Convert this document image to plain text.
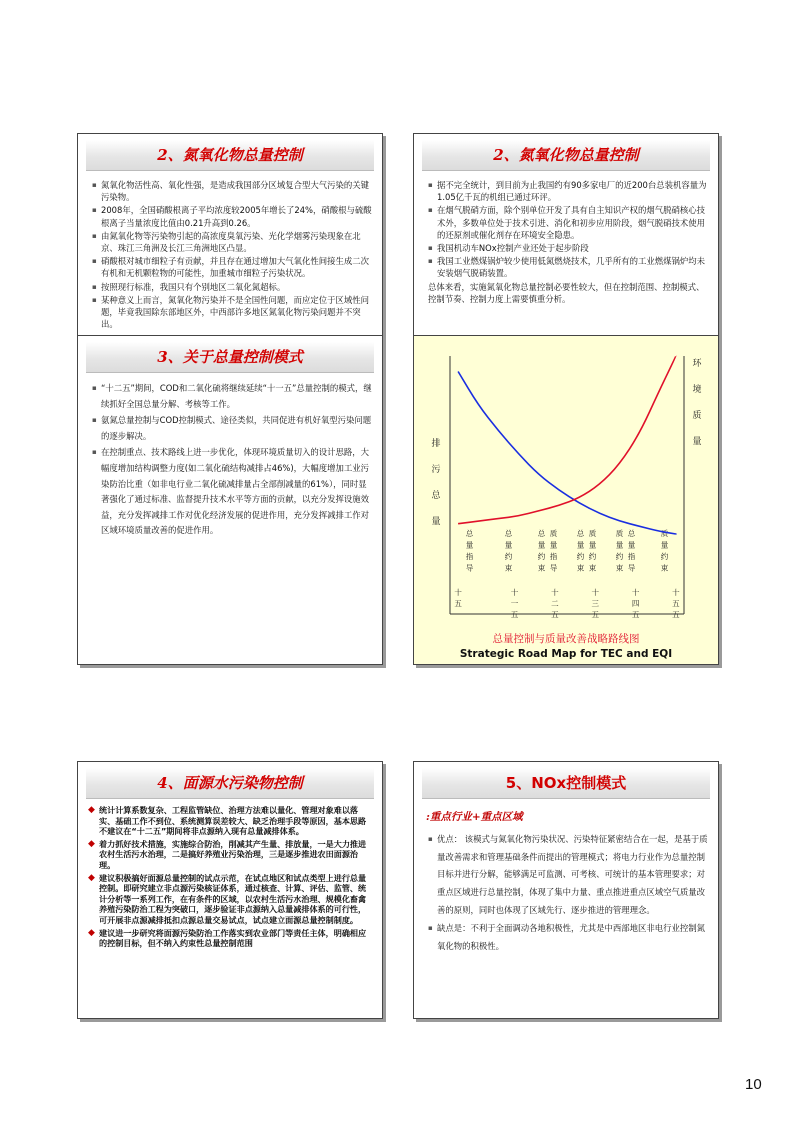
2、氮氧化物总量控制
▪ 氮氧化物活性高、氧化性强，是造成我国部分区域复合型大气污染的关键污染物。
▪ 2008年，全国硝酸根离子平均浓度较2005年增长了24%，硝酸根与硫酸根离子当量浓度比值由0.21升高到0.26。
▪ 由氮氧化物等污染物引起的高浓度臭氧污染、光化学烟雾污染现象在北京、珠江三角洲及长江三角洲地区凸显。
▪ 硝酸根对城市细粒子有贡献，并且存在通过增加大气氧化性间接生成二次有机和无机颗粒物的可能性，加重城市细粒子污染状况。
▪ 按照现行标准，我国只有个别地区二氧化氮超标。
▪ 某种意义上而言，氮氧化物污染并不是全国性问题，而应定位于区域性问题，毕竟我国除东部地区外，中西部许多地区氮氧化物污染问题并不突出。
2、氮氧化物总量控制
▪ 据不完全统计，到目前为止我国约有90多家电厂的近200台总装机容量为1.05亿千瓦的机组已通过环评。
▪ 在烟气脱硝方面，除个别单位开发了具有自主知识产权的烟气脱硝核心技术外，多数单位处于技术引进、消化和初步应用阶段，烟气脱硝技术使用的还原剂或催化剂存在环境安全隐患。
▪ 我国机动车NOx控制产业还处于起步阶段
▪ 我国工业燃煤锅炉较少使用低氮燃烧技术，几乎所有的工业燃煤锅炉均未安装烟气脱硝装置。
总体来看，实施氮氧化物总量控制必要性较大，但在控制范围、控制模式、控制节奏、控制力度上需要慎重分析。
3、关于总量控制模式
▪ “十二五”期间，COD和二氧化硫将继续延续“十一五”总量控制的模式，继续抓好全国总量分解、考核等工作。
▪ 氨氮总量控制与COD控制模式、途径类似，共同促进有机好氧型污染问题的逐步解决。
▪ 在控制重点、技术路线上进一步优化，体现环境质量切入的设计思路，大幅度增加结构调整力度(如二氧化硫结构减排占46%)，大幅度增加工业污染防治比重（如非电行业二氧化硫减排量占全部削减量的61%），同时显著强化了通过标准、监督提升技术水平等方面的贡献，以充分发挥设施效益，充分发挥减排工作对优化经济发展的促进作用，充分发挥减排工作对区域环境质量改善的促进作用。
排
污
总
量
环
境
质
量
总
量
指
导
总
量
约
束
总
量
约
束
质
量
指
导
总
量
约
束
质
量
约
束
质
量
约
束
总
量
指
导
质
量
约
束
十
五
十
一
五
十
二
五
十
三
五
十
四
五
十
五
五
总量控制与质量改善战略路线图
Strategic Road Map for TEC and EQI
4、面源水污染物控制
◆ 统计计算系数复杂、工程监管缺位、治理方法难以量化、管理对象难以落实、基础工作不到位、系统测算误差较大、缺乏治理手段等原因，基本思路不建议在“十二五”期间将非点源纳入现有总量减排体系。
◆ 着力抓好技术措施，实施综合防治，削减其产生量、排放量，一是大力推进农村生活污水治理，二是搞好养殖业污染治理，三是逐步推进农田面源治理。
◆ 建议积极搞好面源总量控制的试点示范，在试点地区和试点类型上进行总量控制。即研究建立非点源污染核证体系，通过核查、计算、评估、监管、统计分析等一系列工作，在有条件的区域，以农村生活污水治理、规模化畜禽养殖污染防治工程为突破口，逐步验证非点源纳入总量减排体系的可行性，可开展非点源减排抵扣点源总量交易试点，试点建立面源总量控制制度。
◆ 建议进一步研究将面源污染防治工作落实到农业部门等责任主体，明确相应的控制目标，但不纳入约束性总量控制范围
5、NOx控制模式
:重点行业+重点区域
▪ 优点： 该模式与氮氧化物污染状况、污染特征紧密结合在一起，是基于质量改善需求和管理基础条件而提出的管理模式；将电力行业作为总量控制目标并进行分解，能够满足可监测、可考核、可统计的基本管理要求；对重点区域进行总量控制，体现了集中力量、重点推进重点区域空气质量改善的原则，同时也体现了区域先行、逐步推进的管理理念。
▪ 缺点是：不利于全面调动各地积极性，尤其是中西部地区非电行业控制氮氧化物的积极性。
10
